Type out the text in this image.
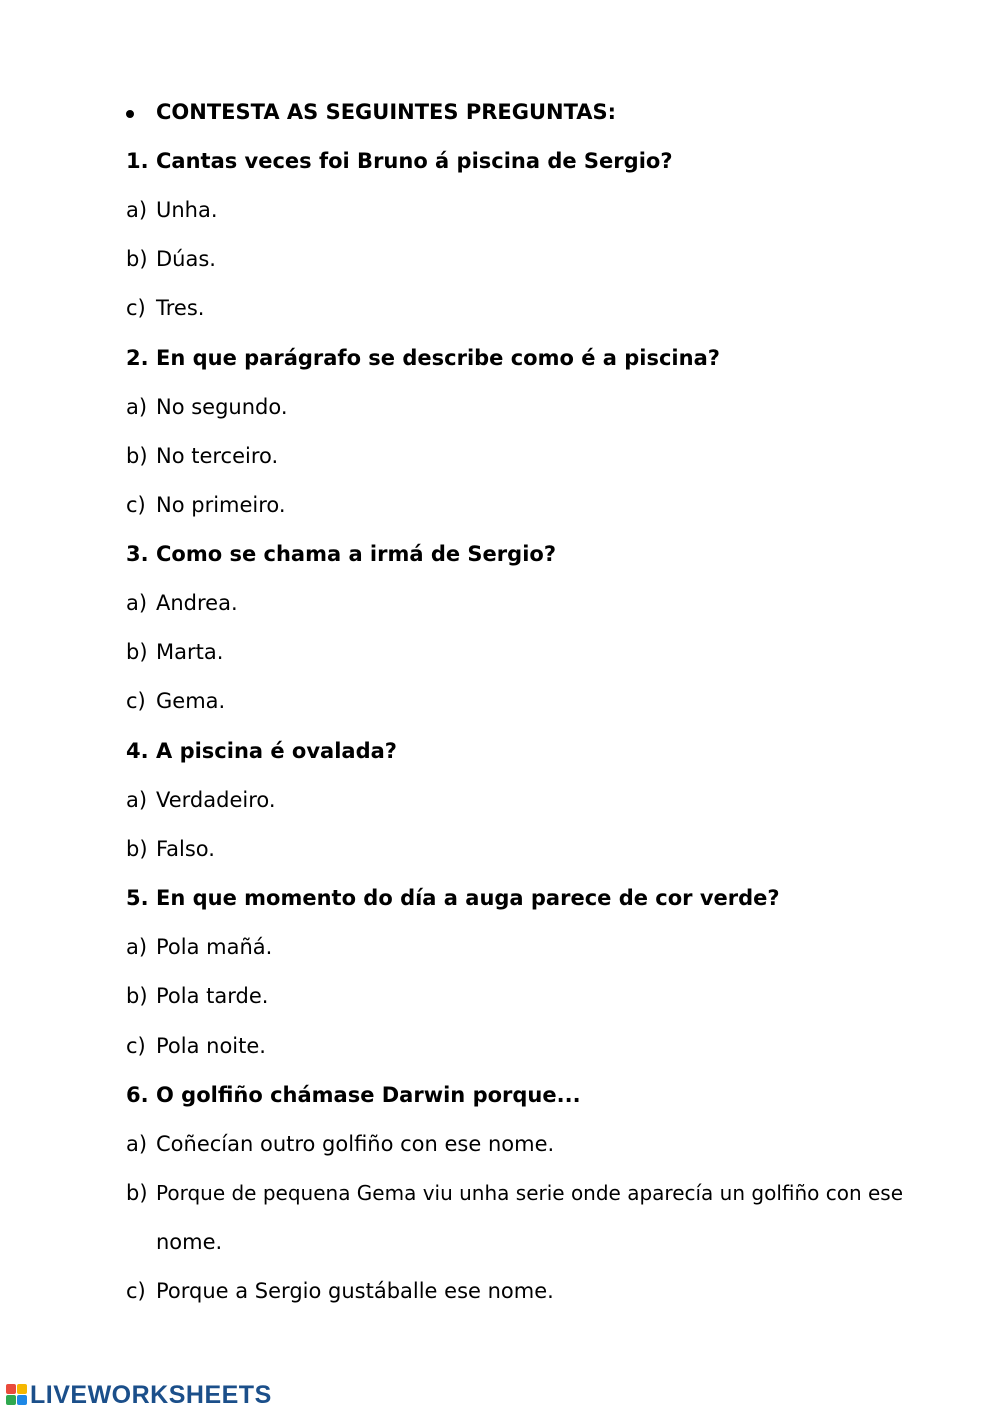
CONTESTA AS SEGUINTES PREGUNTAS:
1. Cantas veces foi Bruno á piscina de Sergio?
a) Unha.
b) Dúas.
c) Tres.
2. En que parágrafo se describe como é a piscina?
a) No segundo.
b) No terceiro.
c) No primeiro.
3. Como se chama a irmá de Sergio?
a) Andrea.
b) Marta.
c) Gema.
4. A piscina é ovalada?
a) Verdadeiro.
b) Falso.
5. En que momento do día a auga parece de cor verde?
a) Pola mañá.
b) Pola tarde.
c) Pola noite.
6. O golfiño chámase Darwin porque...
a) Coñecían outro golfiño con ese nome.
b) Porque de pequena Gema viu unha serie onde aparecía un golfiño con ese
nome.
c) Porque a Sergio gustáballe ese nome.
LIVEWORKSHEETS
